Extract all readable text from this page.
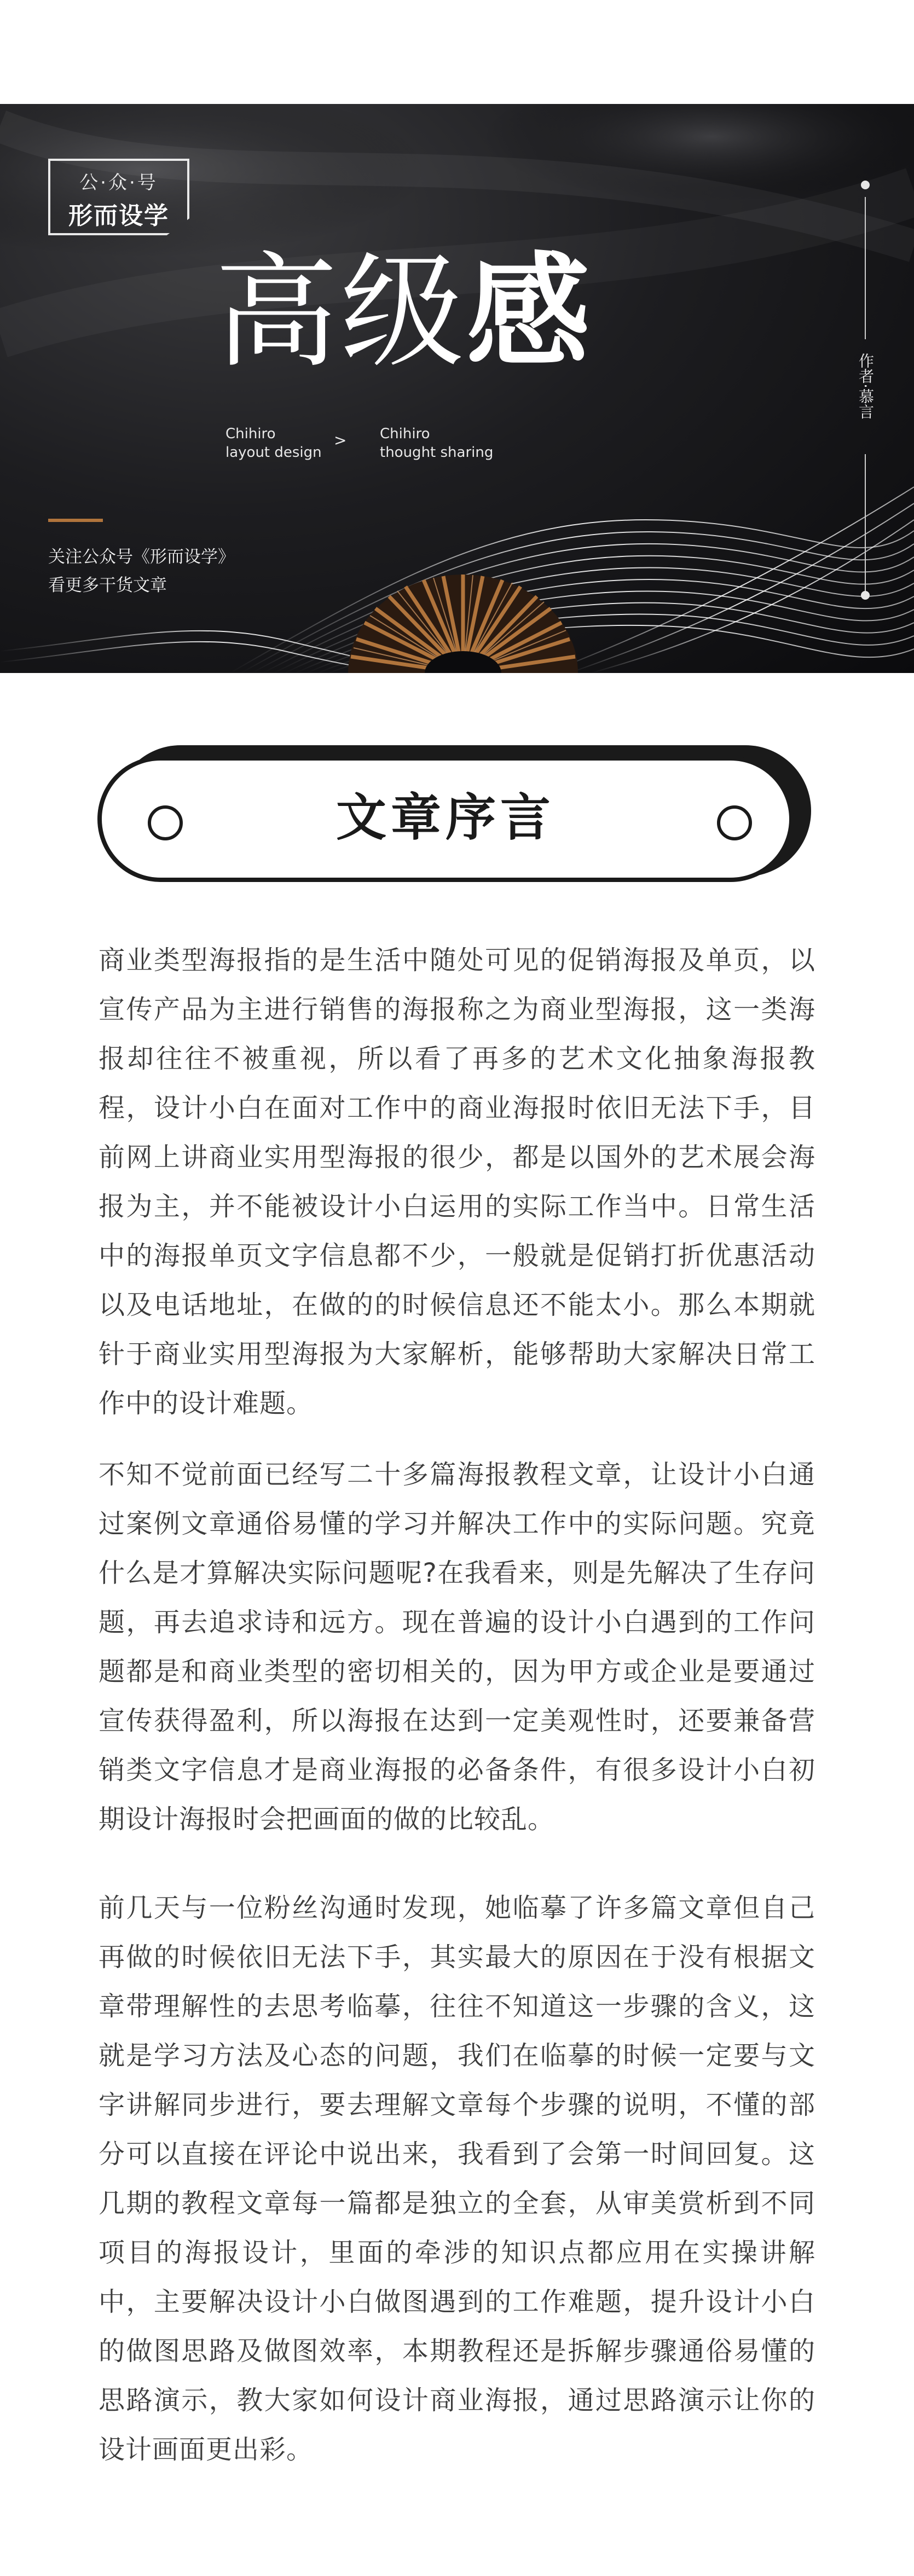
公·众·号
形而设学
高级感
Chihiro
layout design
> Chihiro
thought sharing
关注公众号《形而设学》
看更多干货文章
作者·慕言
文章序言

商业类型海报指的是生活中随处可见的促销海报及单页，以宣传产品为主进行销售的海报称之为商业型海报，这一类海报却往往不被重视，所以看了再多的艺术文化抽象海报教程，设计小白在面对工作中的商业海报时依旧无法下手，目前网上讲商业实用型海报的很少，都是以国外的艺术展会海报为主，并不能被设计小白运用的实际工作当中。日常生活中的海报单页文字信息都不少，一般就是促销打折优惠活动以及电话地址，在做的的时候信息还不能太小。那么本期就针于商业实用型海报为大家解析，能够帮助大家解决日常工作中的设计难题。

不知不觉前面已经写二十多篇海报教程文章，让设计小白通过案例文章通俗易懂的学习并解决工作中的实际问题。究竟什么是才算解决实际问题呢?在我看来，则是先解决了生存问题，再去追求诗和远方。现在普遍的设计小白遇到的工作问题都是和商业类型的密切相关的，因为甲方或企业是要通过宣传获得盈利，所以海报在达到一定美观性时，还要兼备营销类文字信息才是商业海报的必备条件，有很多设计小白初期设计海报时会把画面的做的比较乱。

前几天与一位粉丝沟通时发现，她临摹了许多篇文章但自己再做的时候依旧无法下手，其实最大的原因在于没有根据文章带理解性的去思考临摹，往往不知道这一步骤的含义，这就是学习方法及心态的问题，我们在临摹的时候一定要与文字讲解同步进行，要去理解文章每个步骤的说明，不懂的部分可以直接在评论中说出来，我看到了会第一时间回复。这几期的教程文章每一篇都是独立的全套，从审美赏析到不同项目的海报设计，里面的牵涉的知识点都应用在实操讲解中，主要解决设计小白做图遇到的工作难题，提升设计小白的做图思路及做图效率，本期教程还是拆解步骤通俗易懂的思路演示，教大家如何设计商业海报，通过思路演示让你的设计画面更出彩。
